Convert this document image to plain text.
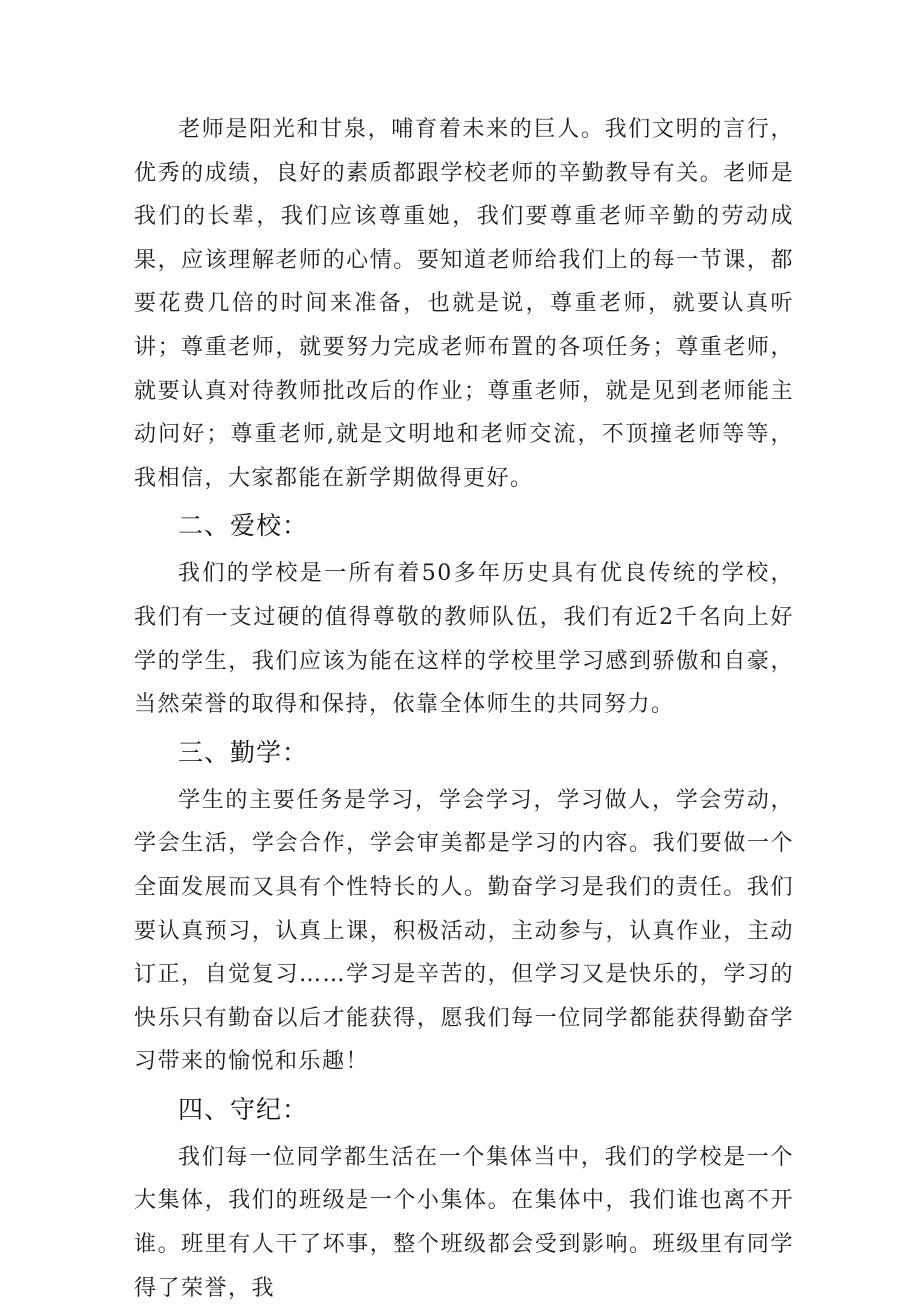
老师是阳光和甘泉，哺育着未来的巨人。我们文明的言行，优秀的成绩，良好的素质都跟学校老师的辛勤教导有关。老师是我们的长辈，我们应该尊重她，我们要尊重老师辛勤的劳动成果，应该理解老师的心情。要知道老师给我们上的每一节课，都要花费几倍的时间来准备，也就是说，尊重老师，就要认真听讲；尊重老师，就要努力完成老师布置的各项任务；尊重老师，就要认真对待教师批改后的作业；尊重老师，就是见到老师能主动问好；尊重老师,就是文明地和老师交流，不顶撞老师等等，我相信，大家都能在新学期做得更好。

二、爱校：

我们的学校是一所有着50多年历史具有优良传统的学校，我们有一支过硬的值得尊敬的教师队伍，我们有近2千名向上好学的学生，我们应该为能在这样的学校里学习感到骄傲和自豪，当然荣誉的取得和保持，依靠全体师生的共同努力。

三、勤学：

学生的主要任务是学习，学会学习，学习做人，学会劳动，学会生活，学会合作，学会审美都是学习的内容。我们要做一个全面发展而又具有个性特长的人。勤奋学习是我们的责任。我们要认真预习，认真上课，积极活动，主动参与，认真作业，主动订正，自觉复习……学习是辛苦的，但学习又是快乐的，学习的快乐只有勤奋以后才能获得，愿我们每一位同学都能获得勤奋学习带来的愉悦和乐趣！

四、守纪：

我们每一位同学都生活在一个集体当中，我们的学校是一个大集体，我们的班级是一个小集体。在集体中，我们谁也离不开谁。班里有人干了坏事，整个班级都会受到影响。班级里有同学得了荣誉，我
